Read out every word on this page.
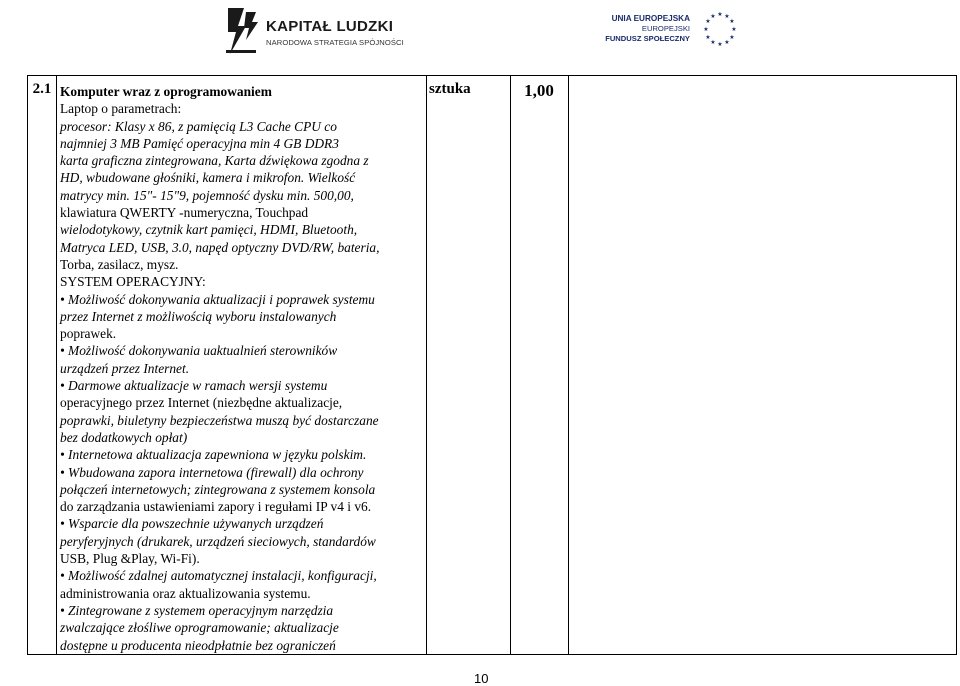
KAPITAŁ LUDZKI
NARODOWA STRATEGIA SPÓJNOŚCI
UNIA EUROPEJSKA
EUROPEJSKI
FUNDUSZ SPOŁECZNY
★ ★
★
★
★
★
★
★
★
★
★
★
2.1 Komputer wraz z oprogramowaniem
Laptop o parametrach:
procesor: Klasy x 86, z pamięcią L3 Cache CPU co
najmniej 3 MB Pamięć operacyjna min 4 GB DDR3
karta graficzna zintegrowana, Karta dźwiękowa zgodna z
HD, wbudowane głośniki, kamera i mikrofon. Wielkość
matrycy min. 15"- 15"9, pojemność dysku min. 500,00,
klawiatura QWERTY -numeryczna, Touchpad
wielodotykowy, czytnik kart pamięci, HDMI, Bluetooth,
Matryca LED, USB, 3.0, napęd optyczny DVD/RW, bateria,
Torba, zasilacz, mysz.
SYSTEM OPERACYJNY:
• Możliwość dokonywania aktualizacji i poprawek systemu
przez Internet z możliwością wyboru instalowanych
poprawek.
• Możliwość dokonywania uaktualnień sterowników
urządzeń przez Internet.
• Darmowe aktualizacje w ramach wersji systemu
operacyjnego przez Internet (niezbędne aktualizacje,
poprawki, biuletyny bezpieczeństwa muszą być dostarczane
bez dodatkowych opłat)
• Internetowa aktualizacja zapewniona w języku polskim.
• Wbudowana zapora internetowa (firewall) dla ochrony
połączeń internetowych; zintegrowana z systemem konsola
do zarządzania ustawieniami zapory i regułami IP v4 i v6.
• Wsparcie dla powszechnie używanych urządzeń
peryferyjnych (drukarek, urządzeń sieciowych, standardów
USB, Plug &Play, Wi-Fi).
• Możliwość zdalnej automatycznej instalacji, konfiguracji,
administrowania oraz aktualizowania systemu.
• Zintegrowane z systemem operacyjnym narzędzia
zwalczające złośliwe oprogramowanie; aktualizacje
dostępne u producenta nieodpłatnie bez ograniczeń
sztuka	1,00
10
